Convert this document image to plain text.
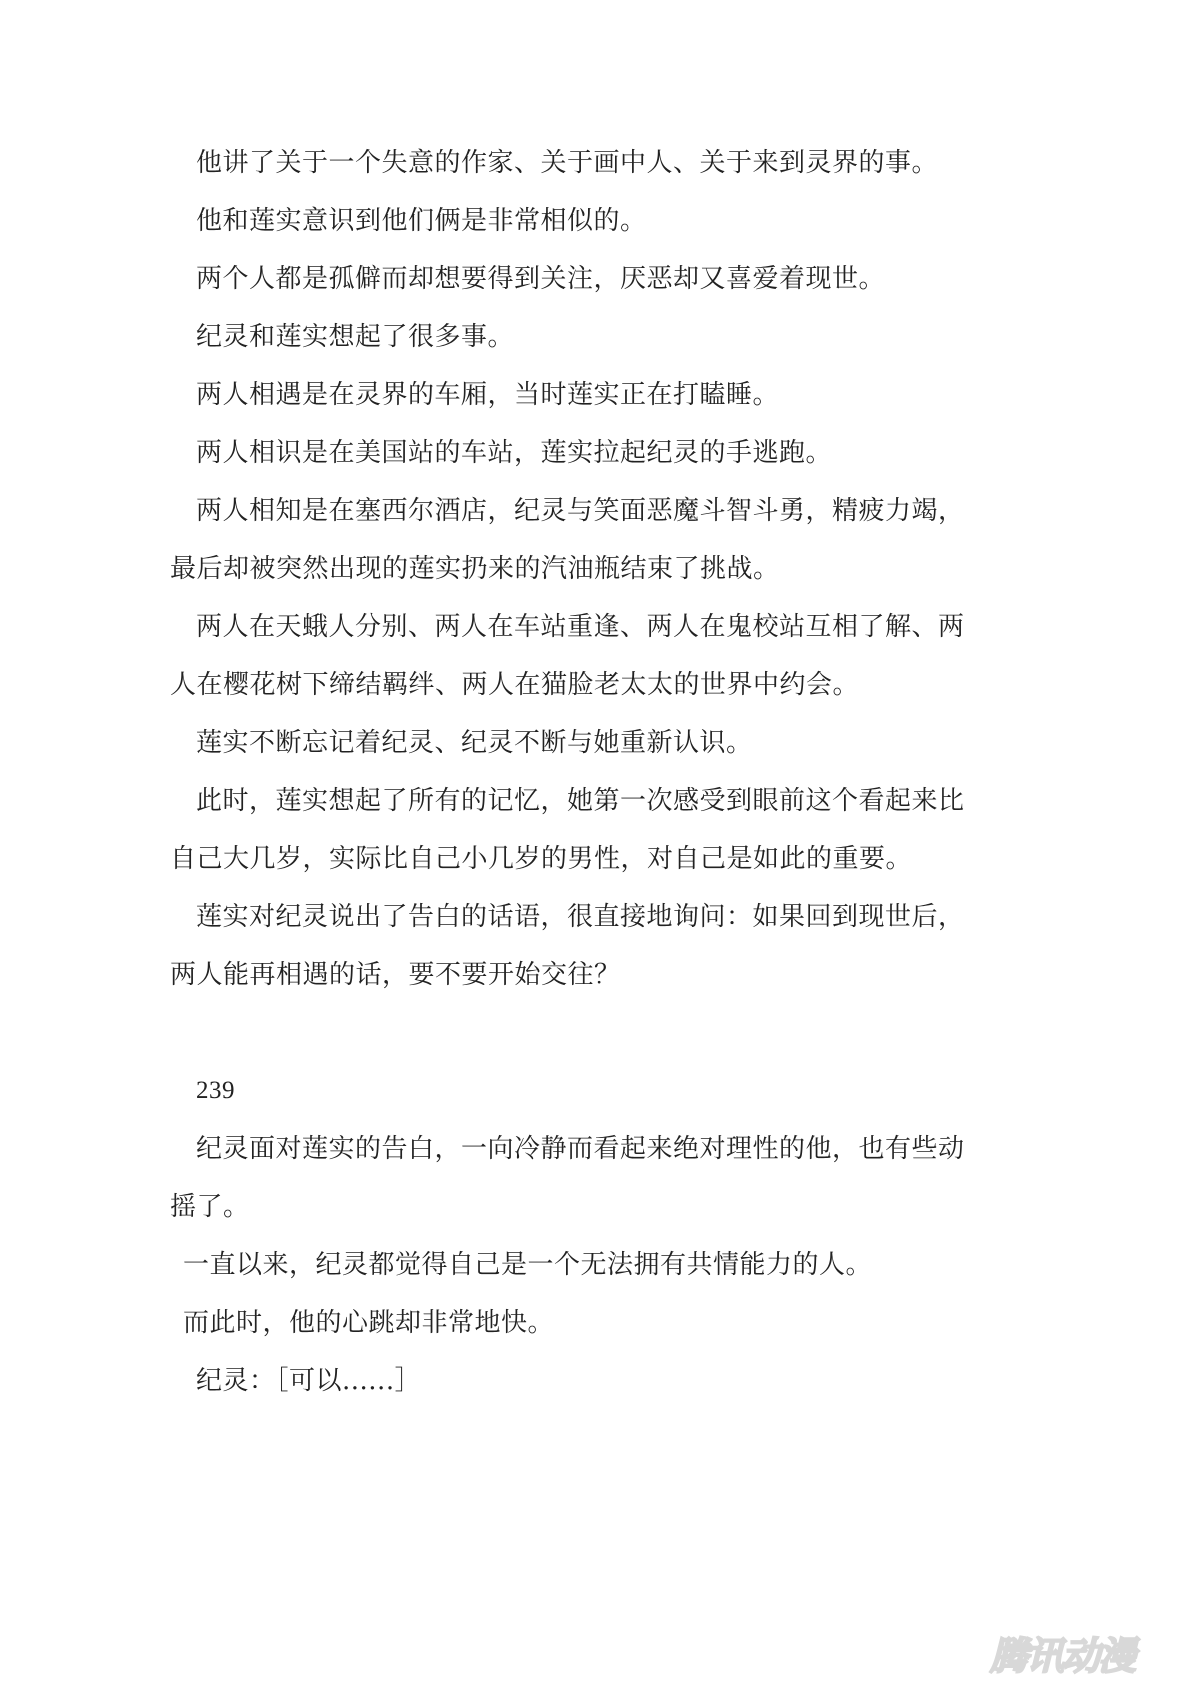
他讲了关于一个失意的作家、关于画中人、关于来到灵界的事。
他和莲实意识到他们俩是非常相似的。
两个人都是孤僻而却想要得到关注，厌恶却又喜爱着现世。
纪灵和莲实想起了很多事。
两人相遇是在灵界的车厢，当时莲实正在打瞌睡。
两人相识是在美国站的车站，莲实拉起纪灵的手逃跑。
两人相知是在塞西尔酒店，纪灵与笑面恶魔斗智斗勇，精疲力竭，
最后却被突然出现的莲实扔来的汽油瓶结束了挑战。
两人在天蛾人分别、两人在车站重逢、两人在鬼校站互相了解、两
人在樱花树下缔结羁绊、两人在猫脸老太太的世界中约会。
莲实不断忘记着纪灵、纪灵不断与她重新认识。
此时，莲实想起了所有的记忆，她第一次感受到眼前这个看起来比
自己大几岁，实际比自己小几岁的男性，对自己是如此的重要。
莲实对纪灵说出了告白的话语，很直接地询问：如果回到现世后，
两人能再相遇的话，要不要开始交往？
239
纪灵面对莲实的告白，一向冷静而看起来绝对理性的他，也有些动
摇了。
一直以来，纪灵都觉得自己是一个无法拥有共情能力的人。
而此时，他的心跳却非常地快。
纪灵：［可以......］
腾讯动漫
